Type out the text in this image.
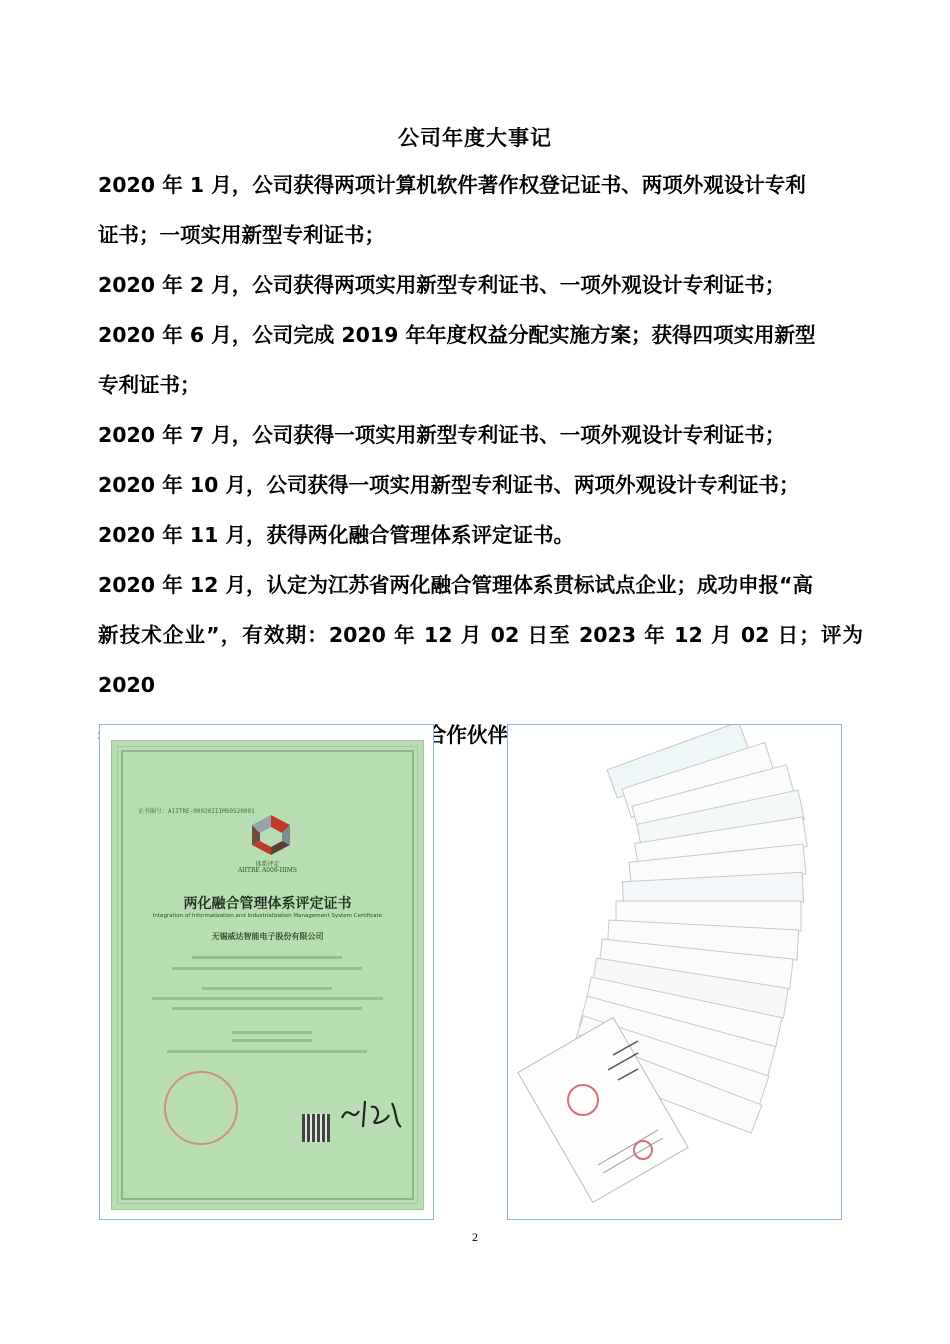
公司年度大事记
2020 年 1 月，公司获得两项计算机软件著作权登记证书、两项外观设计专利
证书；一项实用新型专利证书；
2020 年 2 月，公司获得两项实用新型专利证书、一项外观设计专利证书；
2020 年 6 月，公司完成 2019 年年度权益分配实施方案；获得四项实用新型
专利证书；
2020 年 7 月，公司获得一项实用新型专利证书、一项外观设计专利证书；
2020 年 10 月，公司获得一项实用新型专利证书、两项外观设计专利证书；
2020 年 11 月，获得两化融合管理体系评定证书。
2020 年 12 月，认定为江苏省两化融合管理体系贯标试点企业；成功申报“高
新技术企业”，有效期：2020 年 12 月 02 日至 2023 年 12 月 02 日；评为 2020
证书编号：AIITRE-00920IIIMS0520001
体系评定
AIITRE A009-IIIMS
两化融合管理体系评定证书
Integration of Informatization and Industrialization Management System Certificate
无锡威达智能电子股份有限公司
2
